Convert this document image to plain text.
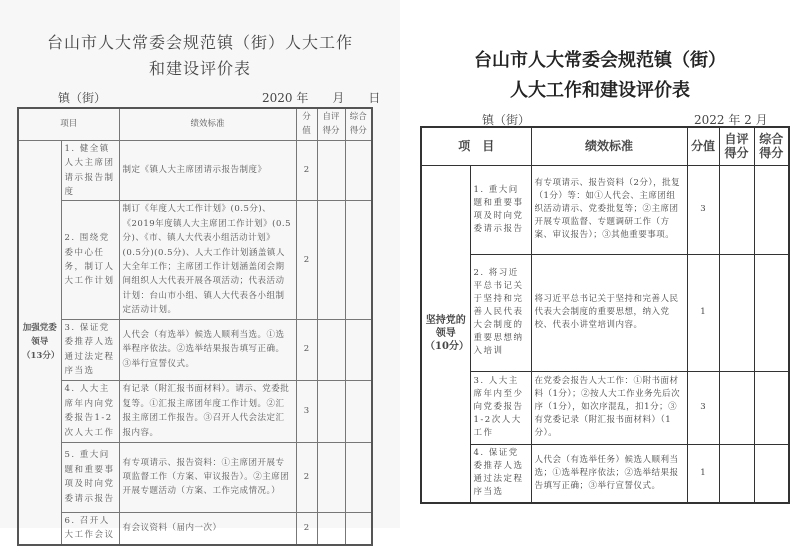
台山市人大常委会规范镇（街）人大工作
和建设评价表
镇（街）	2020 年　　月　　日
项目		绩效标准	分值	自评得分	综合得分
加强党委领导（13分）	1. 健全镇人大主席团请示报告制度	制定《镇人大主席团请示报告制度》	2		
	2. 围绕党委中心任务，制订人大工作计划	制订《年度人大工作计划》(0.5分)、《2019年度镇人大主席团工作计划》(0.5分)、《市、镇人大代表小组活动计划》(0.5分)(0.5分)、人大工作计划涵盖镇人大全年工作；主席团工作计划涵盖闭会期间组织人大代表开展各项活动；代表活动计划：台山市小组、镇人大代表各小组制定活动计划。	2		
	3. 保证党委推荐人选通过法定程序当选	人代会（有选举）候选人顺利当选。①选举程序依法。②选举结果报告填写正确。③举行宣誓仪式。	2		
	4. 人大主席年内向党委报告1-2次人大工作	有记录（附汇报书面材料）。请示、党委批复等。①汇报主席团年度工作计划。②汇报主席团工作报告。③召开人代会法定汇报内容。	3		
	5. 重大问题和重要事项及时向党委请示报告	有专项请示、报告资料：①主席团开展专项监督工作（方案、审议报告）。②主席团开展专题活动（方案、工作完成情况。）	2		
	6. 召开人大工作会议	有会议资料（届内一次）	2		
台山市人大常委会规范镇（街）
人大工作和建设评价表
镇（街）	2022 年 2 月
项　目		绩效标准	分值	自评得分	综合得分
坚持党的领导（10分）	1. 重大问题和重要事项及时向党委请示报告	有专项请示、报告资料（2分），批复（1分）等：如①人代会、主席团组织活动请示、党委批复等；②主席团开展专项监督、专题调研工作（方案、审议报告）；③其他重要事项。	3		
	2. 将习近平总书记关于坚持和完善人民代表大会制度的重要思想纳入培训	将习近平总书记关于坚持和完善人民代表大会制度的重要思想，纳入党校、代表小讲堂培训内容。	1		
	3. 人大主席年内至少向党委报告1-2次人大工作	在党委会报告人大工作：①附书面材料（1分）；②按人大工作业务先后次序（1分），如次序混乱，扣1分；③有党委记录（附汇报书面材料）（1分）。	3		
	4. 保证党委推荐人选通过法定程序当选	人代会（有选举任务）候选人顺利当选；①选举程序依法；②选举结果报告填写正确；③举行宣誓仪式。	1		
